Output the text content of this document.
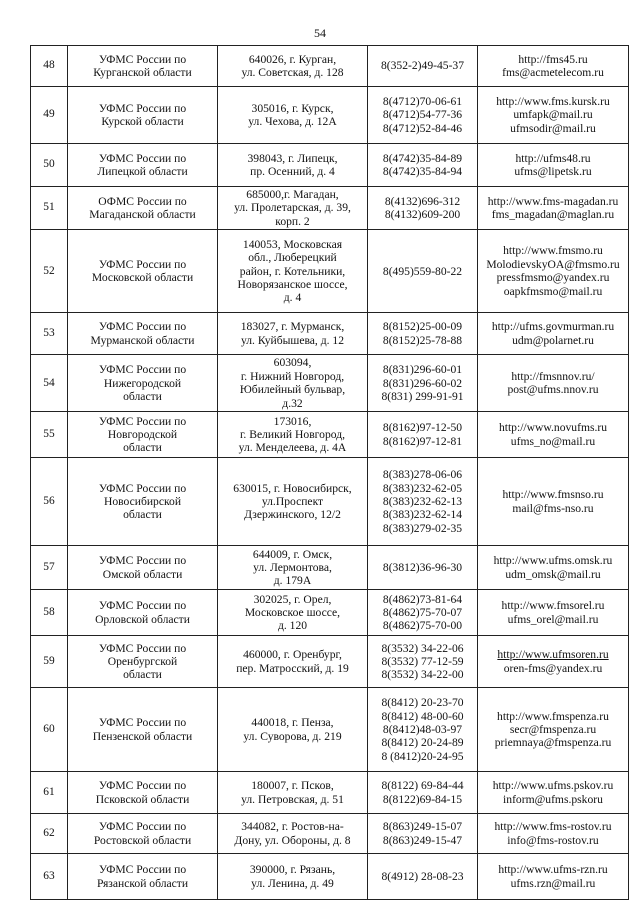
54
48	УФМС России по
Курганской области	640026, г. Курган,
ул. Советская, д. 128	8(352-2)49-45-37	http://fms45.ru
fms@acmetelecom.ru

49	УФМС России по
Курской области	305016, г. Курск,
ул. Чехова, д. 12А	8(4712)70-06-61
8(4712)54-77-36
8(4712)52-84-46	http://www.fms.kursk.ru
umfapk@mail.ru
ufmsodir@mail.ru

50	УФМС России по
Липецкой области	398043, г. Липецк,
пр. Осенний, д. 4	8(4742)35-84-89
8(4742)35-84-94	http://ufms48.ru
ufms@lipetsk.ru

51	ОФМС России по
Магаданской области	685000,г. Магадан,
ул. Пролетарская, д. 39,
корп. 2	8(4132)696-312
8(4132)609-200	http://www.fms-magadan.ru
fms_magadan@maglan.ru

52	УФМС России по
Московской области	140053, Московская
обл., Люберецкий
район, г. Котельники,
Новорязанское шоссе,
д. 4	8(495)559-80-22	http://www.fmsmo.ru
MolodievskyOA@fmsmo.ru
pressfmsmo@yandex.ru
oapkfmsmo@mail.ru

53	УФМС России по
Мурманской области	183027, г. Мурманск,
ул. Куйбышева, д. 12	8(8152)25-00-09
8(8152)25-78-88	http://ufms.govmurman.ru
udm@polarnet.ru

54	УФМС России по
Нижегородской
области	603094,
г. Нижний Новгород,
Юбилейный бульвар,
д.32	8(831)296-60-01
8(831)296-60-02
8(831) 299-91-91	http://fmsnnov.ru/
post@ufms.nnov.ru

55	УФМС России по
Новгородской
области	173016,
г. Великий Новгород,
ул. Менделеева, д. 4А	8(8162)97-12-50
8(8162)97-12-81	http://www.novufms.ru
ufms_no@mail.ru

56	УФМС России по
Новосибирской
области	630015, г. Новосибирск,
ул.Проспект
Дзержинского, 12/2	8(383)278-06-06
8(383)232-62-05
8(383)232-62-13
8(383)232-62-14
8(383)279-02-35	http://www.fmsnso.ru
mail@fms-nso.ru

57	УФМС России по
Омской области	644009, г. Омск,
ул. Лермонтова,
д. 179А	8(3812)36-96-30	http://www.ufms.omsk.ru
udm_omsk@mail.ru

58	УФМС России по
Орловской области	302025, г. Орел,
Московское шоссе,
д. 120	8(4862)73-81-64
8(4862)75-70-07
8(4862)75-70-00	http://www.fmsorel.ru
ufms_orel@mail.ru

59	УФМС России по
Оренбургской
области	460000, г. Оренбург,
пер. Матросский, д. 19	8(3532) 34-22-06
8(3532) 77-12-59
8(3532) 34-22-00	http://www.ufmsoren.ru
oren-fms@yandex.ru

60	УФМС России по
Пензенской области	440018, г. Пенза,
ул. Суворова, д. 219	8(8412) 20-23-70
8(8412) 48-00-60
8(8412)48-03-97
8(8412) 20-24-89
8 (8412)20-24-95	http://www.fmspenza.ru
secr@fmspenza.ru
priemnaya@fmspenza.ru

61	УФМС России по
Псковской области	180007, г. Псков,
ул. Петровская, д. 51	8(8122) 69-84-44
8(8122)69-84-15	http://www.ufms.pskov.ru
inform@ufms.pskoru

62	УФМС России по
Ростовской области	344082, г. Ростов-на-
Дону, ул. Обороны, д. 8	8(863)249-15-07
8(863)249-15-47	http://www.fms-rostov.ru
info@fms-rostov.ru

63	УФМС России по
Рязанской области	390000, г. Рязань,
ул. Ленина, д. 49	8(4912) 28-08-23	http://www.ufms-rzn.ru
ufms.rzn@mail.ru
